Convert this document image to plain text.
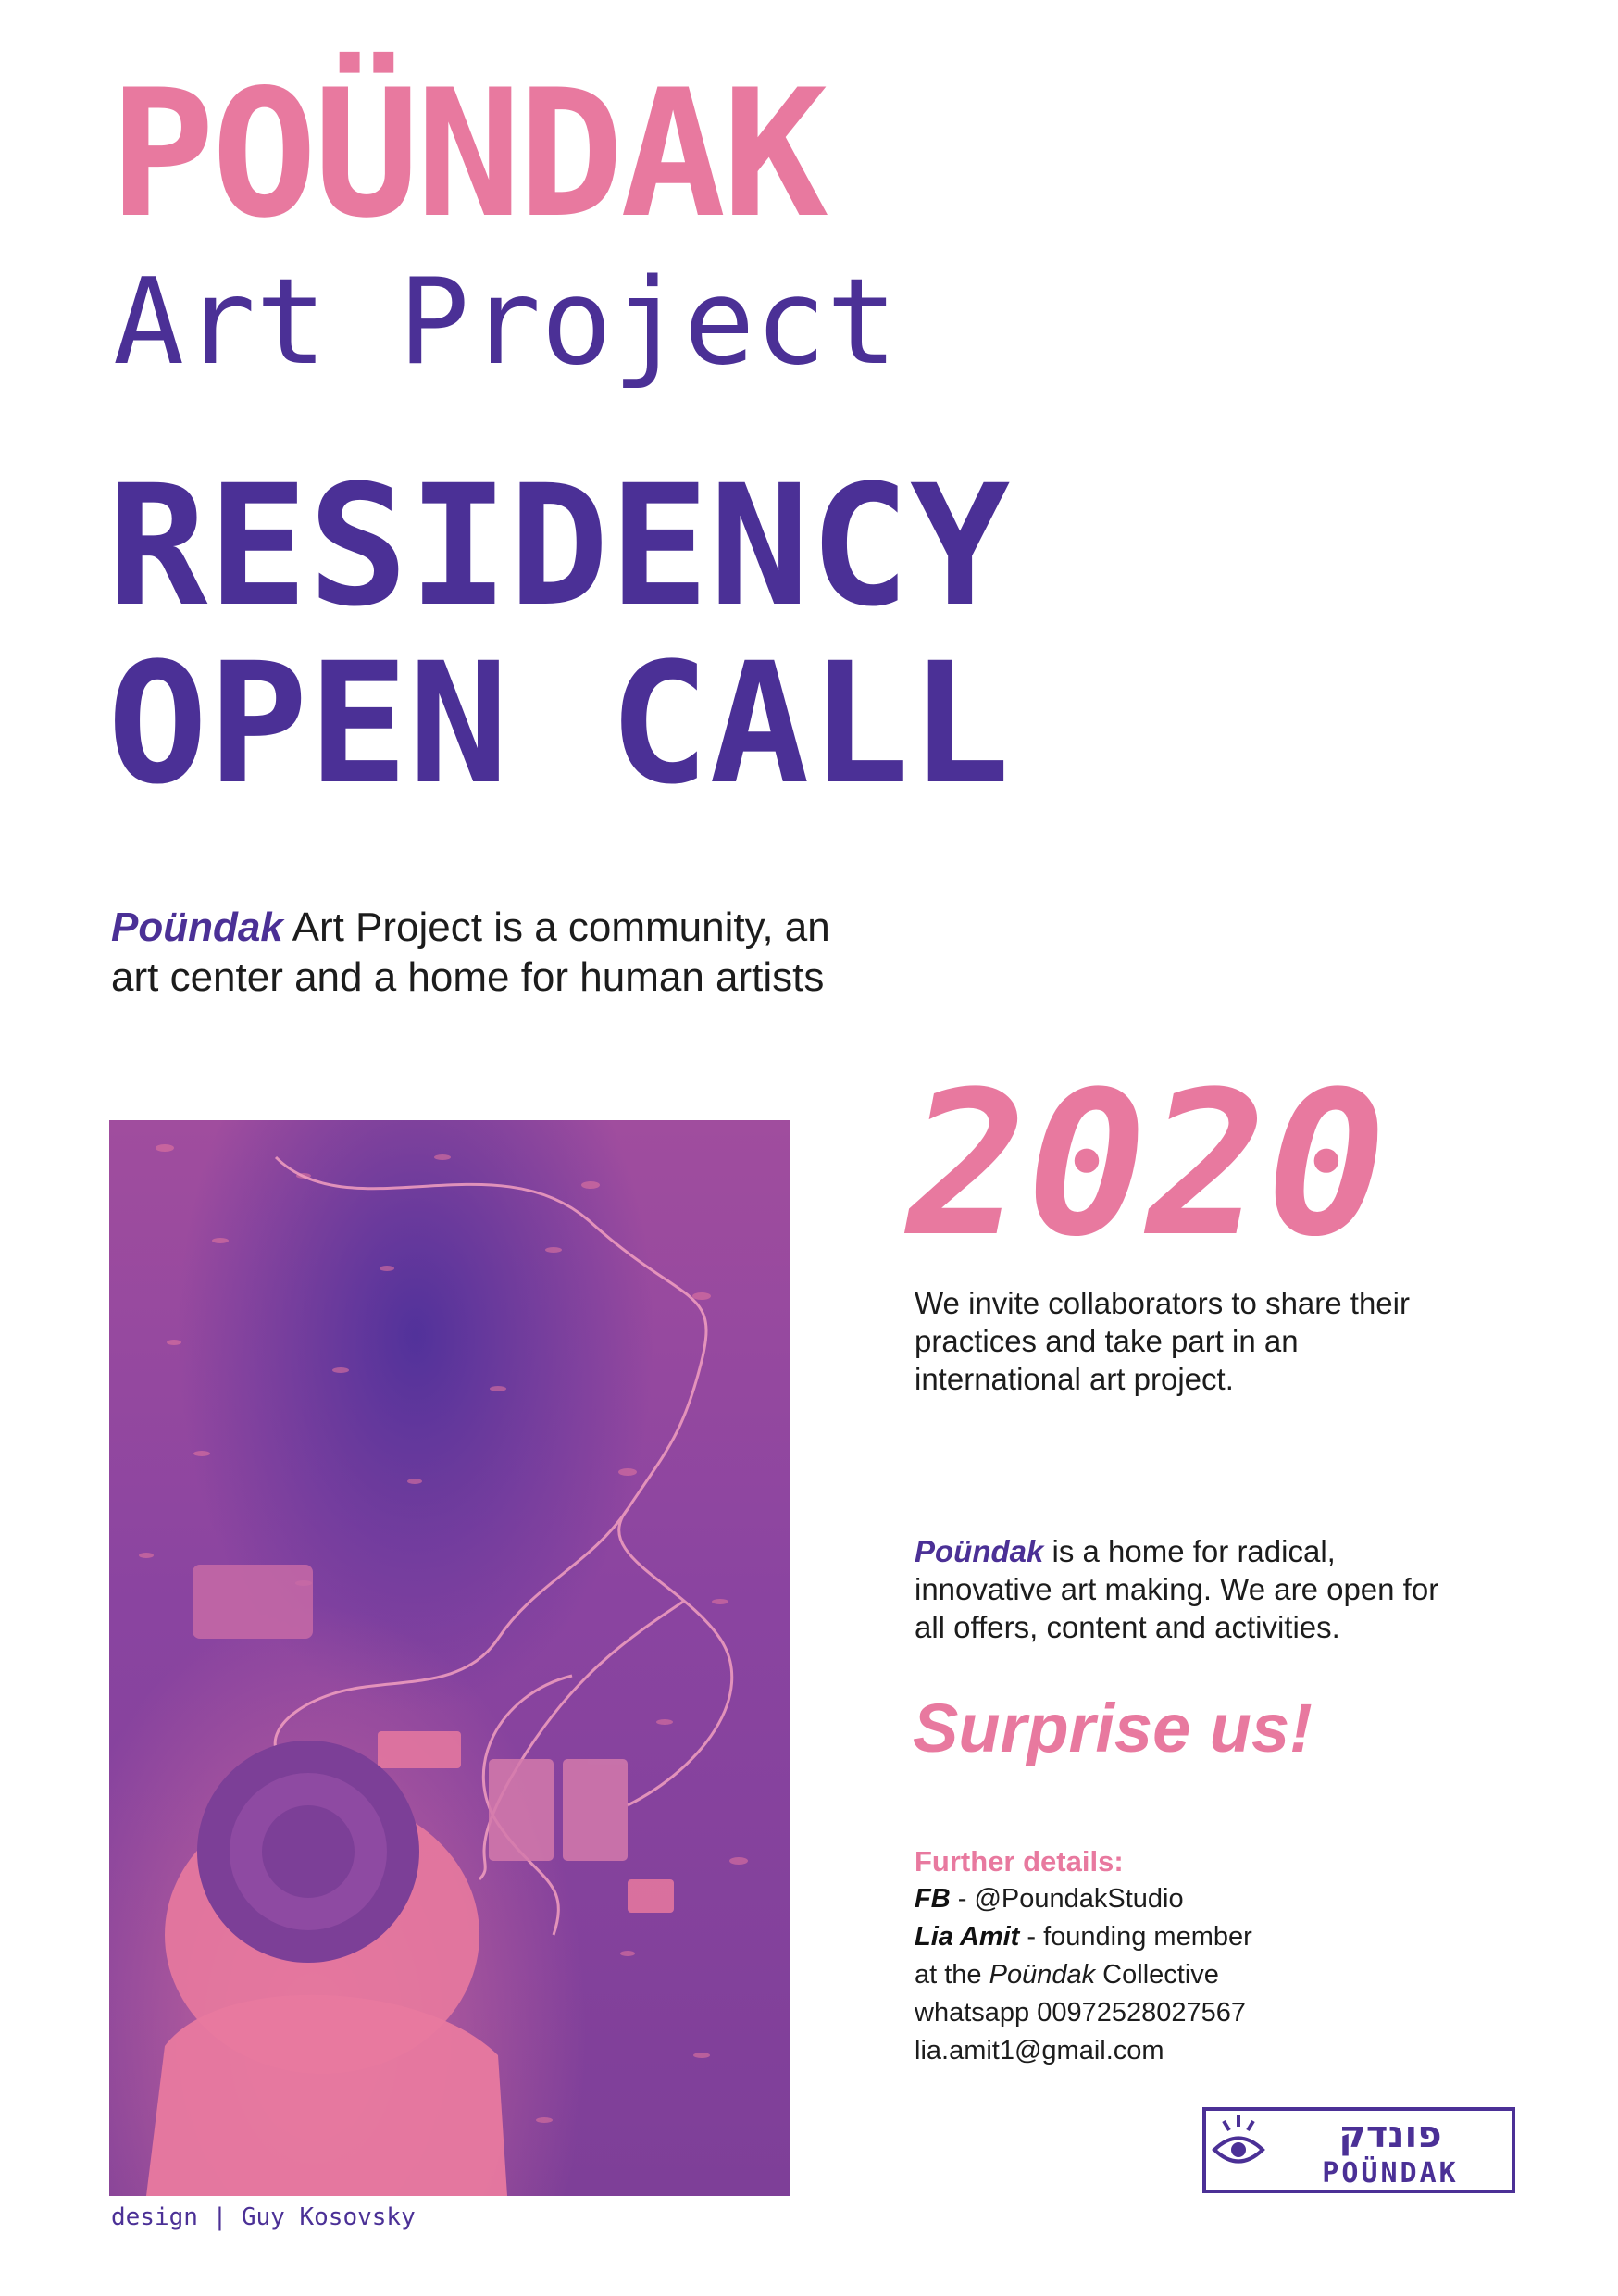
POÜNDAK
Art Project
RESIDENCY
OPEN CALL
Poündak Art Project is a community, an art center and a home for human artists
design | Guy Kosovsky
2020
We invite collaborators to share their practices and take part in an international art project.
Poündak is a home for radical, innovative art making. We are open for all offers, content and activities.
Surprise us!
Further details:
FB - @PoundakStudio
Lia Amit - founding member
at the Poündak Collective
whatsapp 00972528027567
lia.amit1@gmail.com
פונדק
POÜNDAK
